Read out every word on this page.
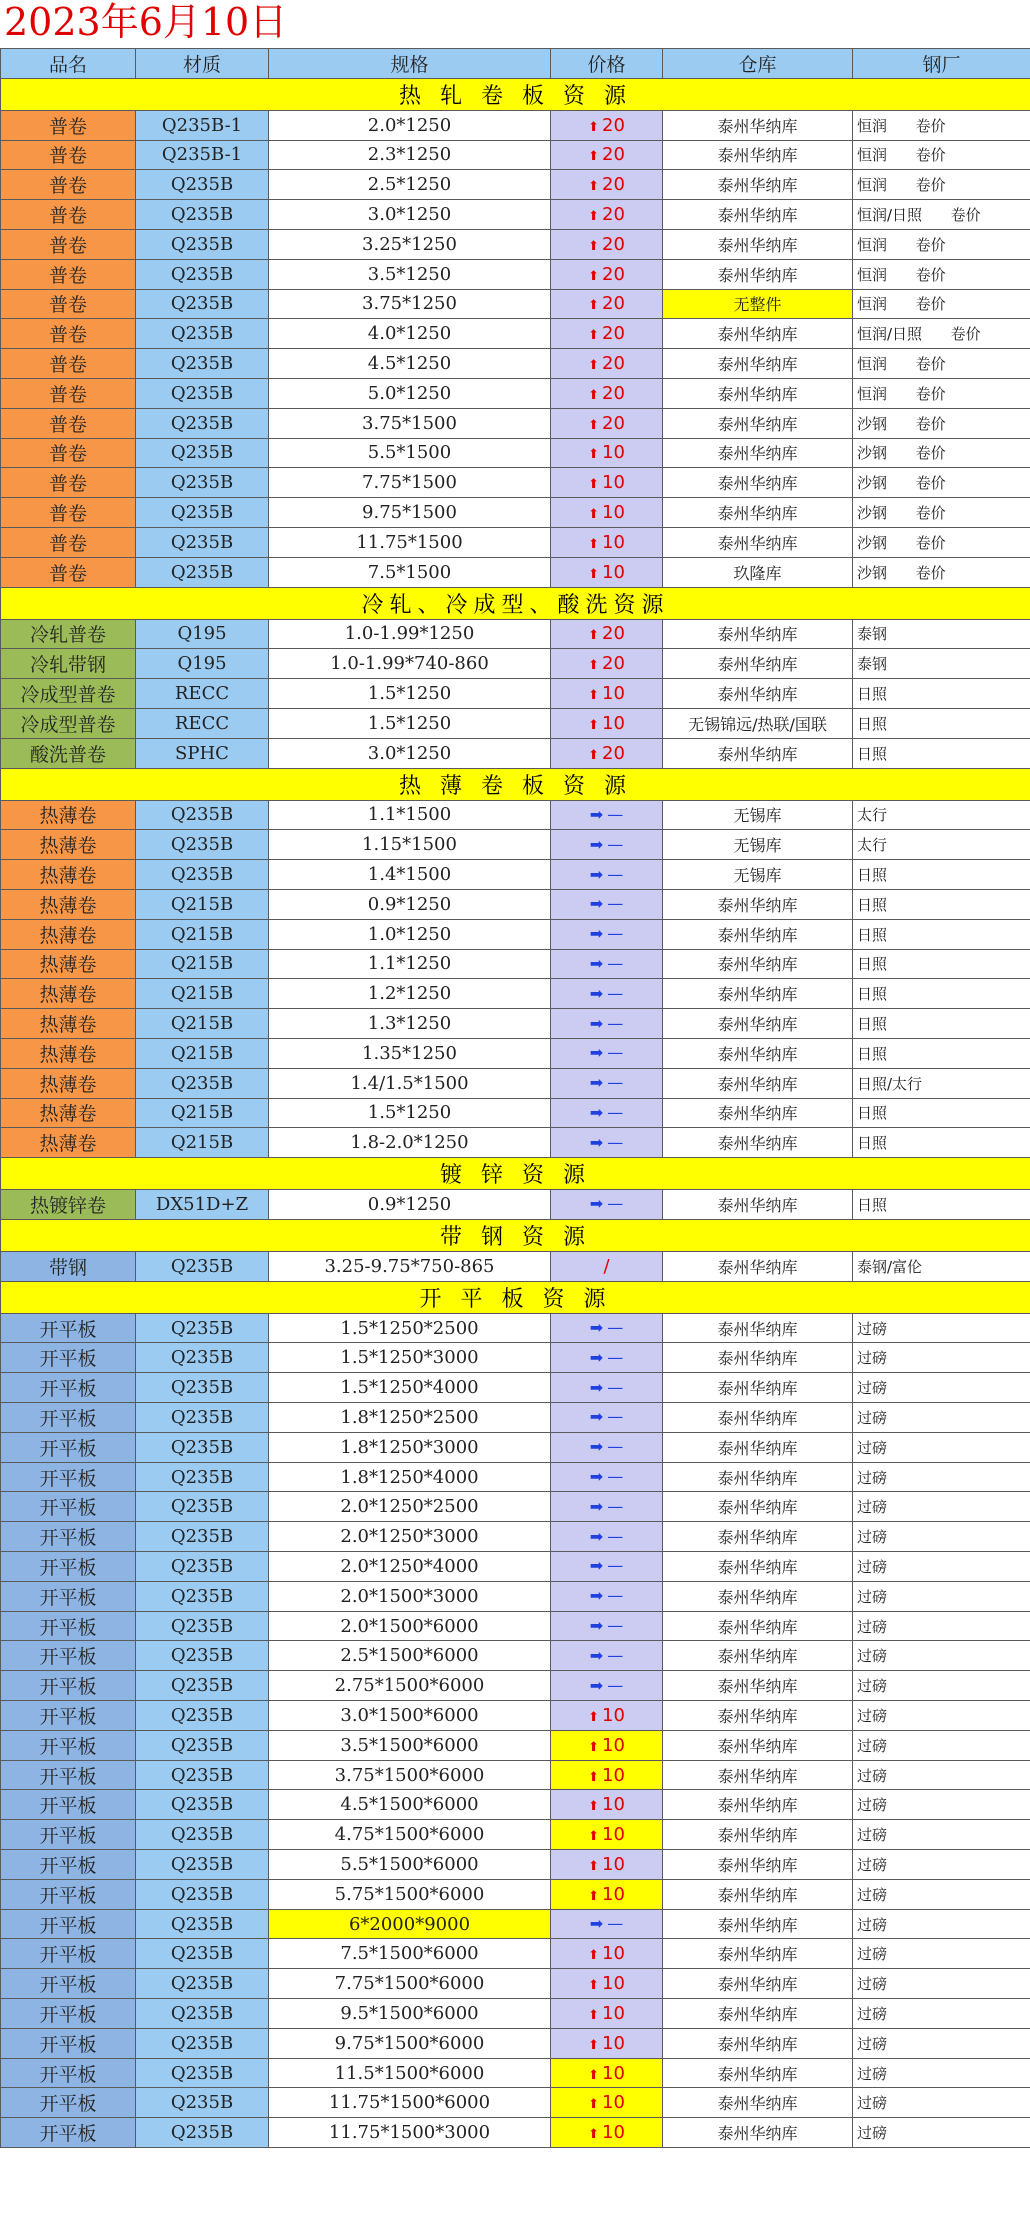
2023年6月10日
品名	材质	规格	价格	仓库	钢厂
热 轧 卷 板 资 源					
普卷	Q235B-1	2.0*1250	⬆ 20	泰州华纳库	恒润      卷价
普卷	Q235B-1	2.3*1250	⬆ 20	泰州华纳库	恒润      卷价
普卷	Q235B	2.5*1250	⬆ 20	泰州华纳库	恒润      卷价
普卷	Q235B	3.0*1250	⬆ 20	泰州华纳库	恒润/日照      卷价
普卷	Q235B	3.25*1250	⬆ 20	泰州华纳库	恒润      卷价
普卷	Q235B	3.5*1250	⬆ 20	泰州华纳库	恒润      卷价
普卷	Q235B	3.75*1250	⬆ 20	无整件	恒润      卷价
普卷	Q235B	4.0*1250	⬆ 20	泰州华纳库	恒润/日照      卷价
普卷	Q235B	4.5*1250	⬆ 20	泰州华纳库	恒润      卷价
普卷	Q235B	5.0*1250	⬆ 20	泰州华纳库	恒润      卷价
普卷	Q235B	3.75*1500	⬆ 20	泰州华纳库	沙钢      卷价
普卷	Q235B	5.5*1500	⬆ 10	泰州华纳库	沙钢      卷价
普卷	Q235B	7.75*1500	⬆ 10	泰州华纳库	沙钢      卷价
普卷	Q235B	9.75*1500	⬆ 10	泰州华纳库	沙钢      卷价
普卷	Q235B	11.75*1500	⬆ 10	泰州华纳库	沙钢      卷价
普卷	Q235B	7.5*1500	⬆ 10	玖隆库	沙钢      卷价
冷轧、冷成型、酸洗资源					
冷轧普卷	Q195	1.0-1.99*1250	⬆ 20	泰州华纳库	泰钢
冷轧带钢	Q195	1.0-1.99*740-860	⬆ 20	泰州华纳库	泰钢
冷成型普卷	RECC	1.5*1250	⬆ 10	泰州华纳库	日照
冷成型普卷	RECC	1.5*1250	⬆ 10	无锡锦远/热联/国联	日照
酸洗普卷	SPHC	3.0*1250	⬆ 20	泰州华纳库	日照
热 薄 卷 板 资 源					
热薄卷	Q235B	1.1*1500	➡ —	无锡库	太行
热薄卷	Q235B	1.15*1500	➡ —	无锡库	太行
热薄卷	Q235B	1.4*1500	➡ —	无锡库	日照
热薄卷	Q215B	0.9*1250	➡ —	泰州华纳库	日照
热薄卷	Q215B	1.0*1250	➡ —	泰州华纳库	日照
热薄卷	Q215B	1.1*1250	➡ —	泰州华纳库	日照
热薄卷	Q215B	1.2*1250	➡ —	泰州华纳库	日照
热薄卷	Q215B	1.3*1250	➡ —	泰州华纳库	日照
热薄卷	Q215B	1.35*1250	➡ —	泰州华纳库	日照
热薄卷	Q235B	1.4/1.5*1500	➡ —	泰州华纳库	日照/太行
热薄卷	Q215B	1.5*1250	➡ —	泰州华纳库	日照
热薄卷	Q215B	1.8-2.0*1250	➡ —	泰州华纳库	日照
镀 锌 资 源					
热镀锌卷	DX51D+Z	0.9*1250	➡ —	泰州华纳库	日照
带 钢 资 源					
带钢	Q235B	3.25-9.75*750-865	/	泰州华纳库	泰钢/富伦
开 平 板 资 源					
开平板	Q235B	1.5*1250*2500	➡ —	泰州华纳库	过磅
开平板	Q235B	1.5*1250*3000	➡ —	泰州华纳库	过磅
开平板	Q235B	1.5*1250*4000	➡ —	泰州华纳库	过磅
开平板	Q235B	1.8*1250*2500	➡ —	泰州华纳库	过磅
开平板	Q235B	1.8*1250*3000	➡ —	泰州华纳库	过磅
开平板	Q235B	1.8*1250*4000	➡ —	泰州华纳库	过磅
开平板	Q235B	2.0*1250*2500	➡ —	泰州华纳库	过磅
开平板	Q235B	2.0*1250*3000	➡ —	泰州华纳库	过磅
开平板	Q235B	2.0*1250*4000	➡ —	泰州华纳库	过磅
开平板	Q235B	2.0*1500*3000	➡ —	泰州华纳库	过磅
开平板	Q235B	2.0*1500*6000	➡ —	泰州华纳库	过磅
开平板	Q235B	2.5*1500*6000	➡ —	泰州华纳库	过磅
开平板	Q235B	2.75*1500*6000	➡ —	泰州华纳库	过磅
开平板	Q235B	3.0*1500*6000	⬆ 10	泰州华纳库	过磅
开平板	Q235B	3.5*1500*6000	⬆ 10	泰州华纳库	过磅
开平板	Q235B	3.75*1500*6000	⬆ 10	泰州华纳库	过磅
开平板	Q235B	4.5*1500*6000	⬆ 10	泰州华纳库	过磅
开平板	Q235B	4.75*1500*6000	⬆ 10	泰州华纳库	过磅
开平板	Q235B	5.5*1500*6000	⬆ 10	泰州华纳库	过磅
开平板	Q235B	5.75*1500*6000	⬆ 10	泰州华纳库	过磅
开平板	Q235B	6*2000*9000	➡ —	泰州华纳库	过磅
开平板	Q235B	7.5*1500*6000	⬆ 10	泰州华纳库	过磅
开平板	Q235B	7.75*1500*6000	⬆ 10	泰州华纳库	过磅
开平板	Q235B	9.5*1500*6000	⬆ 10	泰州华纳库	过磅
开平板	Q235B	9.75*1500*6000	⬆ 10	泰州华纳库	过磅
开平板	Q235B	11.5*1500*6000	⬆ 10	泰州华纳库	过磅
开平板	Q235B	11.75*1500*6000	⬆ 10	泰州华纳库	过磅
开平板	Q235B	11.75*1500*3000	⬆ 10	泰州华纳库	过磅
